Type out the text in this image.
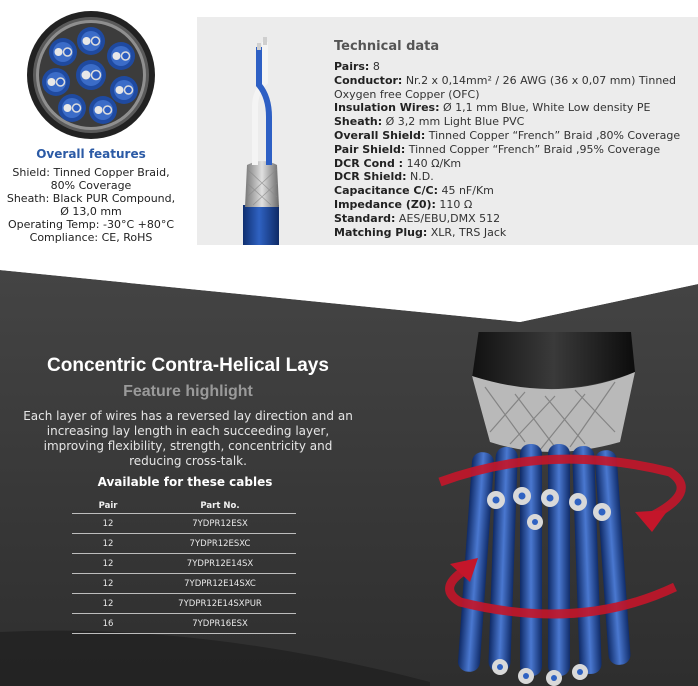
Overall features
Shield: Tinned Copper Braid,
80% Coverage
Sheath: Black PUR Compound,
Ø 13,0 mm
Operating Temp: -30°C +80°C
Compliance: CE, RoHS
Technical data

Pairs: 8

Conductor: Nr.2 x 0,14mm² / 26 AWG (36 x 0,07 mm) Tinned Oxygen free Copper (OFC)

Insulation Wires: Ø 1,1 mm Blue, White Low density PE

Sheath: Ø 3,2 mm Light Blue PVC

Overall Shield: Tinned Copper “French” Braid ,80% Coverage

Pair Shield: Tinned Copper “French” Braid ,95% Coverage

DCR Cond : 140 Ω/Km

DCR Shield: N.D.

Capacitance C/C: 45 nF/Km

Impedance (Z0): 110 Ω

Standard: AES/EBU,DMX 512

Matching Plug: XLR, TRS Jack

Concentric Contra-Helical Lays
Feature highlight
Each layer of wires has a reversed lay direction and an increasing lay length in each succeeding layer, improving flexibility, strength, concentricity and reducing cross-talk.
Available for these cables
Pair	Part No.
12	7YDPR12ESX
12	7YDPR12ESXC
12	7YDPR12E14SX
12	7YDPR12E14SXC
12	7YDPR12E14SXPUR
16	7YDPR16ESX
